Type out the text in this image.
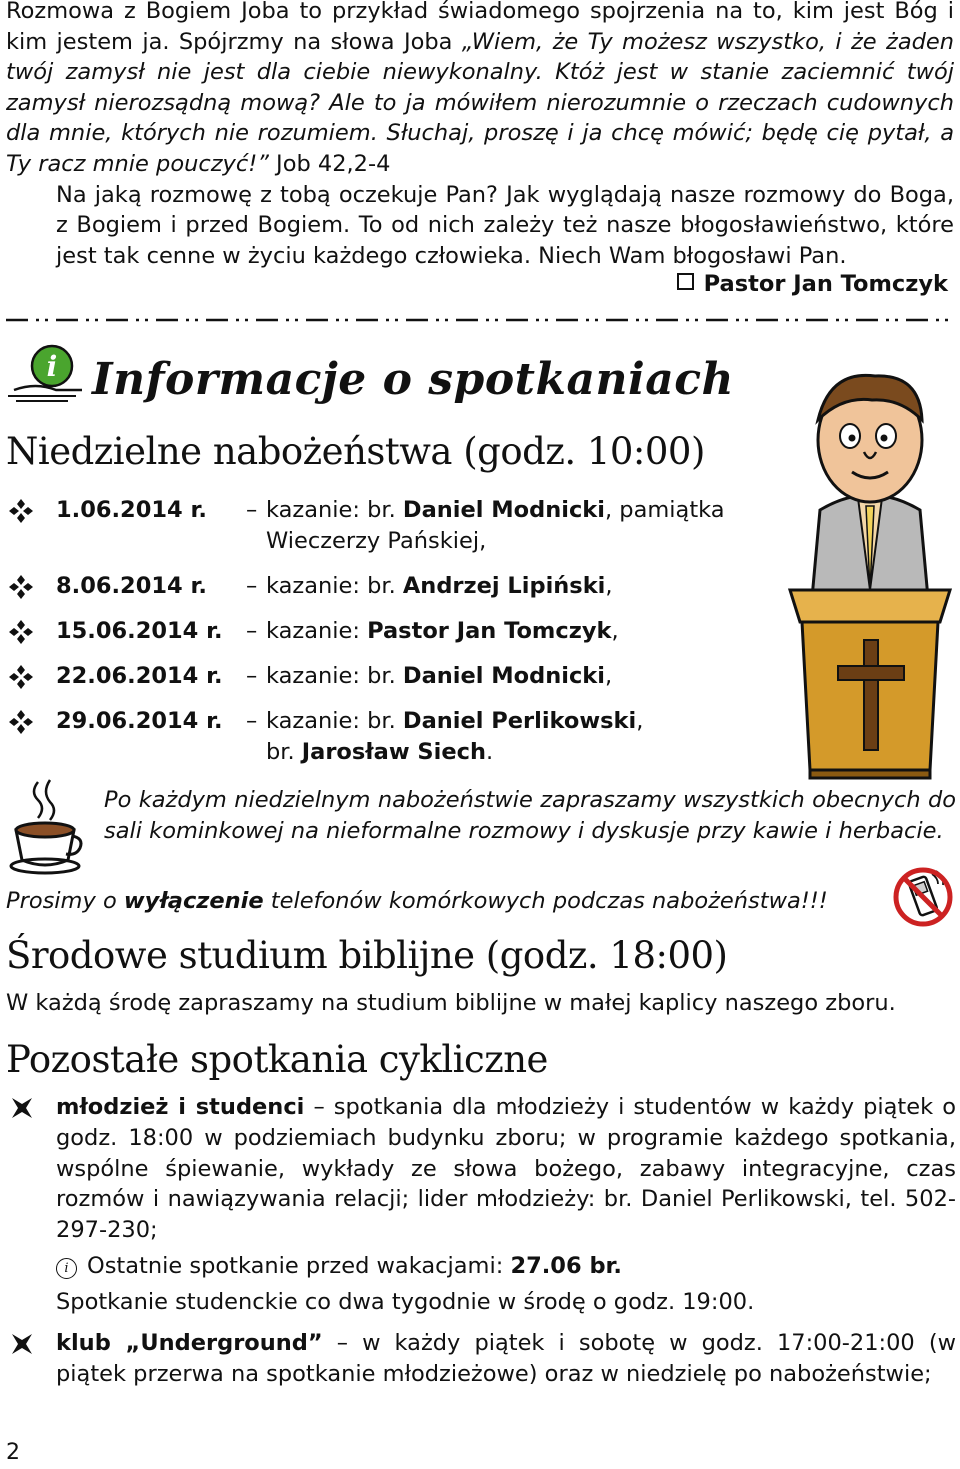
Rozmowa z Bogiem Joba to przykład świadomego spojrzenia na to, kim jest Bóg i kim jestem ja. Spójrzmy na słowa Joba „Wiem, że Ty możesz wszystko, i że żaden twój zamysł nie jest dla ciebie niewykonalny. Któż jest w stanie zaciemnić twój zamysł nierozsądną mową? Ale to ja mówiłem nierozumnie o rzeczach cudownych dla mnie, których nie rozumiem. Słuchaj, proszę i ja chcę mówić; będę cię pytał, a Ty racz mnie pouczyć!” Job 42,2-4

Na jaką rozmowę z tobą oczekuje Pan? Jak wyglądają nasze rozmowy do Boga, z Bogiem i przed Bogiem. To od nich zależy też nasze błogosławieństwo, które jest tak cenne w życiu każdego człowieka. Niech Wam błogosławi Pan.

Pastor Jan Tomczyk
i Informacje o spotkaniach
Niedzielne nabożeństwa (godz. 10:00)
1.06.2014 r. – kazanie: br. Daniel Modnicki, pamiątka Wieczerzy Pańskiej,
8.06.2014 r. – kazanie: br. Andrzej Lipiński,
15.06.2014 r. – kazanie: Pastor Jan Tomczyk,
22.06.2014 r. – kazanie: br. Daniel Modnicki,
29.06.2014 r. – kazanie: br. Daniel Perlikowski,
br. Jarosław Siech.

Po każdym niedzielnym nabożeństwie zapraszamy wszystkich obecnych do sali kominkowej na nieformalne rozmowy i dyskusje przy kawie i herbacie.

Prosimy o wyłączenie telefonów komórkowych podczas nabożeństwa!!!

Środowe studium biblijne (godz. 18:00)

W każdą środę zapraszamy na studium biblijne w małej kaplicy naszego zboru.

Pozostałe spotkania cykliczne

młodzież i studenci – spotkania dla młodzieży i studentów w każdy piątek o godz. 18:00 w podziemiach budynku zboru; w programie każdego spotkania, wspólne śpiewanie, wykłady ze słowa bożego, zabawy integracyjne, czas rozmów i nawiązywania relacji; lider młodzieży: br. Daniel Perlikowski, tel. 502-297-230;

i Ostatnie spotkanie przed wakacjami: 27.06 br.

Spotkanie studenckie co dwa tygodnie w środę o godz. 19:00.

klub „Underground” – w każdy piątek i sobotę w godz. 17:00-21:00 (w piątek przerwa na spotkanie młodzieżowe) oraz w niedzielę po nabożeństwie;

2
